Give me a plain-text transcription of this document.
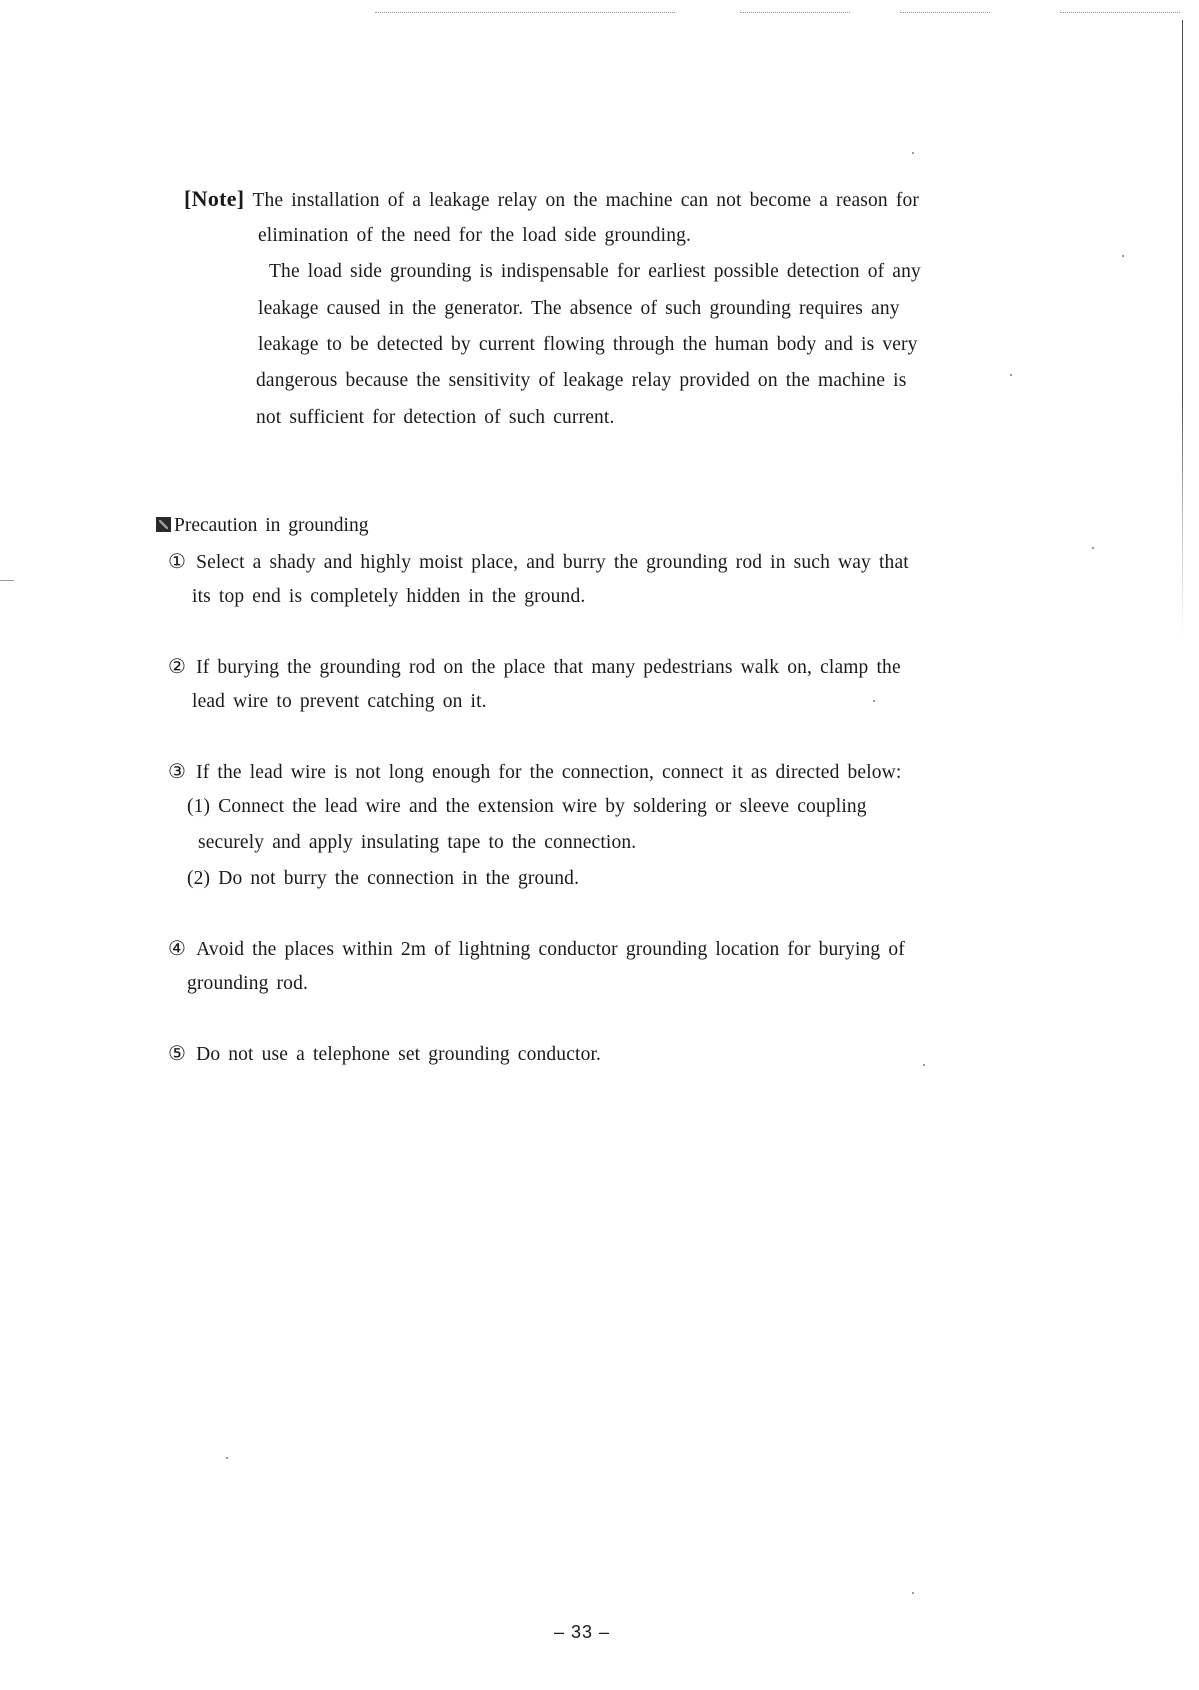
[Note] The installation of a leakage relay on the machine can not become a reason for
elimination of the need for the load side grounding.
The load side grounding is indispensable for earliest possible detection of any
leakage caused in the generator. The absence of such grounding requires any
leakage to be detected by current flowing through the human body and is very
dangerous because the sensitivity of leakage relay provided on the machine is
not sufficient for detection of such current.
Precaution in grounding
① Select a shady and highly moist place, and burry the grounding rod in such way that
its top end is completely hidden in the ground.
② If burying the grounding rod on the place that many pedestrians walk on, clamp the
lead wire to prevent catching on it.
③ If the lead wire is not long enough for the connection, connect it as directed below:
(1) Connect the lead wire and the extension wire by soldering or sleeve coupling
securely and apply insulating tape to the connection.
(2) Do not burry the connection in the ground.
④ Avoid the places within 2m of lightning conductor grounding location for burying of
grounding rod.
⑤ Do not use a telephone set grounding conductor.
– 33 –
